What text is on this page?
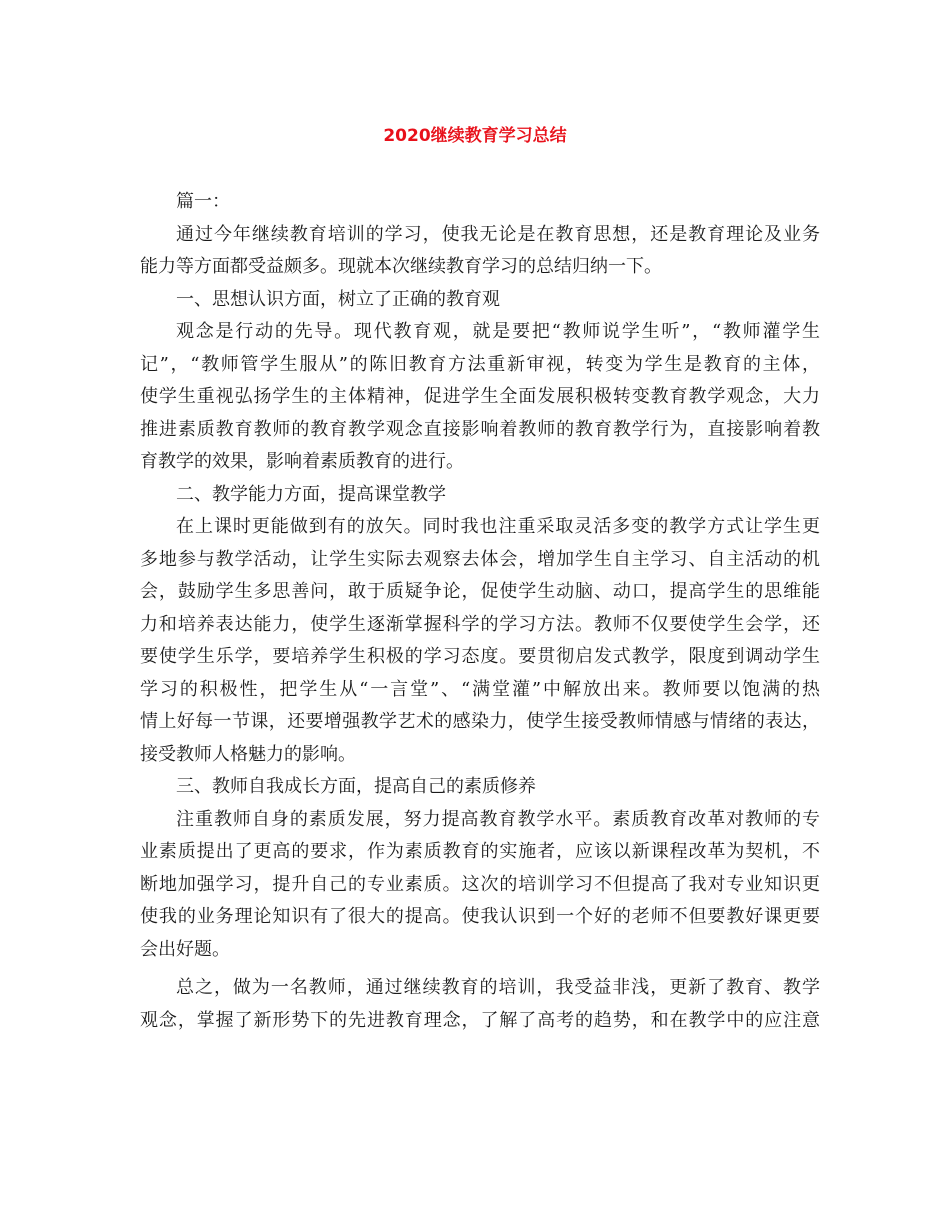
2020继续教育学习总结
篇一：
通过今年继续教育培训的学习，使我无论是在教育思想，还是教育理论及业务
能力等方面都受益颇多。现就本次继续教育学习的总结归纳一下。
一、思想认识方面，树立了正确的教育观
观念是行动的先导。现代教育观，就是要把“教师说学生听”，“教师灌学生
记”，“教师管学生服从”的陈旧教育方法重新审视，转变为学生是教育的主体，
使学生重视弘扬学生的主体精神，促进学生全面发展积极转变教育教学观念，大力
推进素质教育教师的教育教学观念直接影响着教师的教育教学行为，直接影响着教
育教学的效果，影响着素质教育的进行。
二、教学能力方面，提高课堂教学
在上课时更能做到有的放矢。同时我也注重采取灵活多变的教学方式让学生更
多地参与教学活动，让学生实际去观察去体会，增加学生自主学习、自主活动的机
会，鼓励学生多思善问，敢于质疑争论，促使学生动脑、动口，提高学生的思维能
力和培养表达能力，使学生逐渐掌握科学的学习方法。教师不仅要使学生会学，还
要使学生乐学，要培养学生积极的学习态度。要贯彻启发式教学，限度到调动学生
学习的积极性，把学生从“一言堂”、“满堂灌”中解放出来。教师要以饱满的热
情上好每一节课，还要增强教学艺术的感染力，使学生接受教师情感与情绪的表达，
接受教师人格魅力的影响。
三、教师自我成长方面，提高自己的素质修养
注重教师自身的素质发展，努力提高教育教学水平。素质教育改革对教师的专
业素质提出了更高的要求，作为素质教育的实施者，应该以新课程改革为契机，不
断地加强学习，提升自己的专业素质。这次的培训学习不但提高了我对专业知识更
使我的业务理论知识有了很大的提高。使我认识到一个好的老师不但要教好课更要
会出好题。
总之，做为一名教师，通过继续教育的培训，我受益非浅，更新了教育、教学
观念，掌握了新形势下的先进教育理念，了解了高考的趋势，和在教学中的应注意
